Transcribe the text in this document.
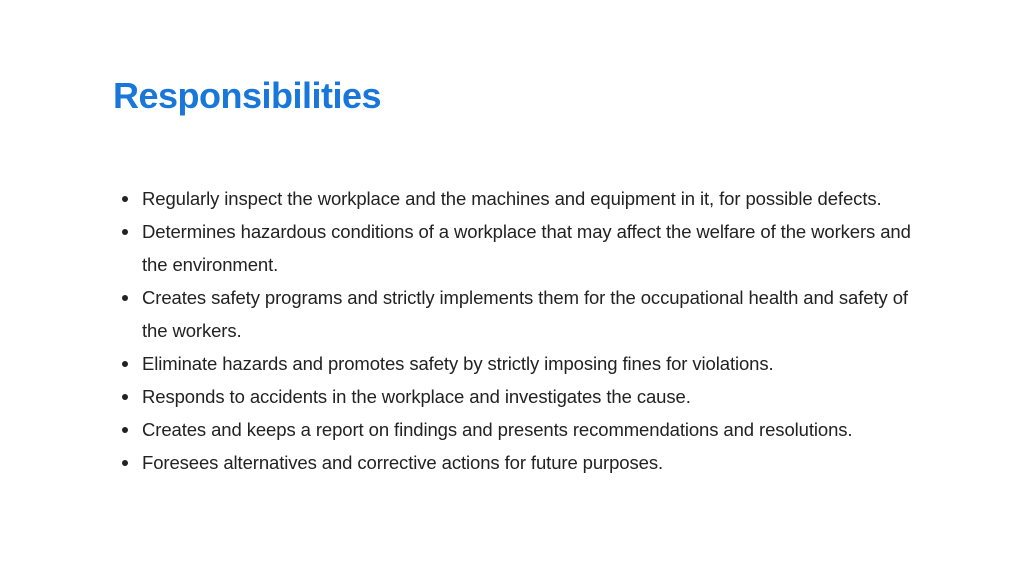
Responsibilities
Regularly inspect the workplace and the machines and equipment in it, for possible defects.
Determines hazardous conditions of a workplace that may affect the welfare of the workers and the environment.
Creates safety programs and strictly implements them for the occupational health and safety of the workers.
Eliminate hazards and promotes safety by strictly imposing fines for violations.
Responds to accidents in the workplace and investigates the cause.
Creates and keeps a report on findings and presents recommendations and resolutions.
Foresees alternatives and corrective actions for future purposes.
